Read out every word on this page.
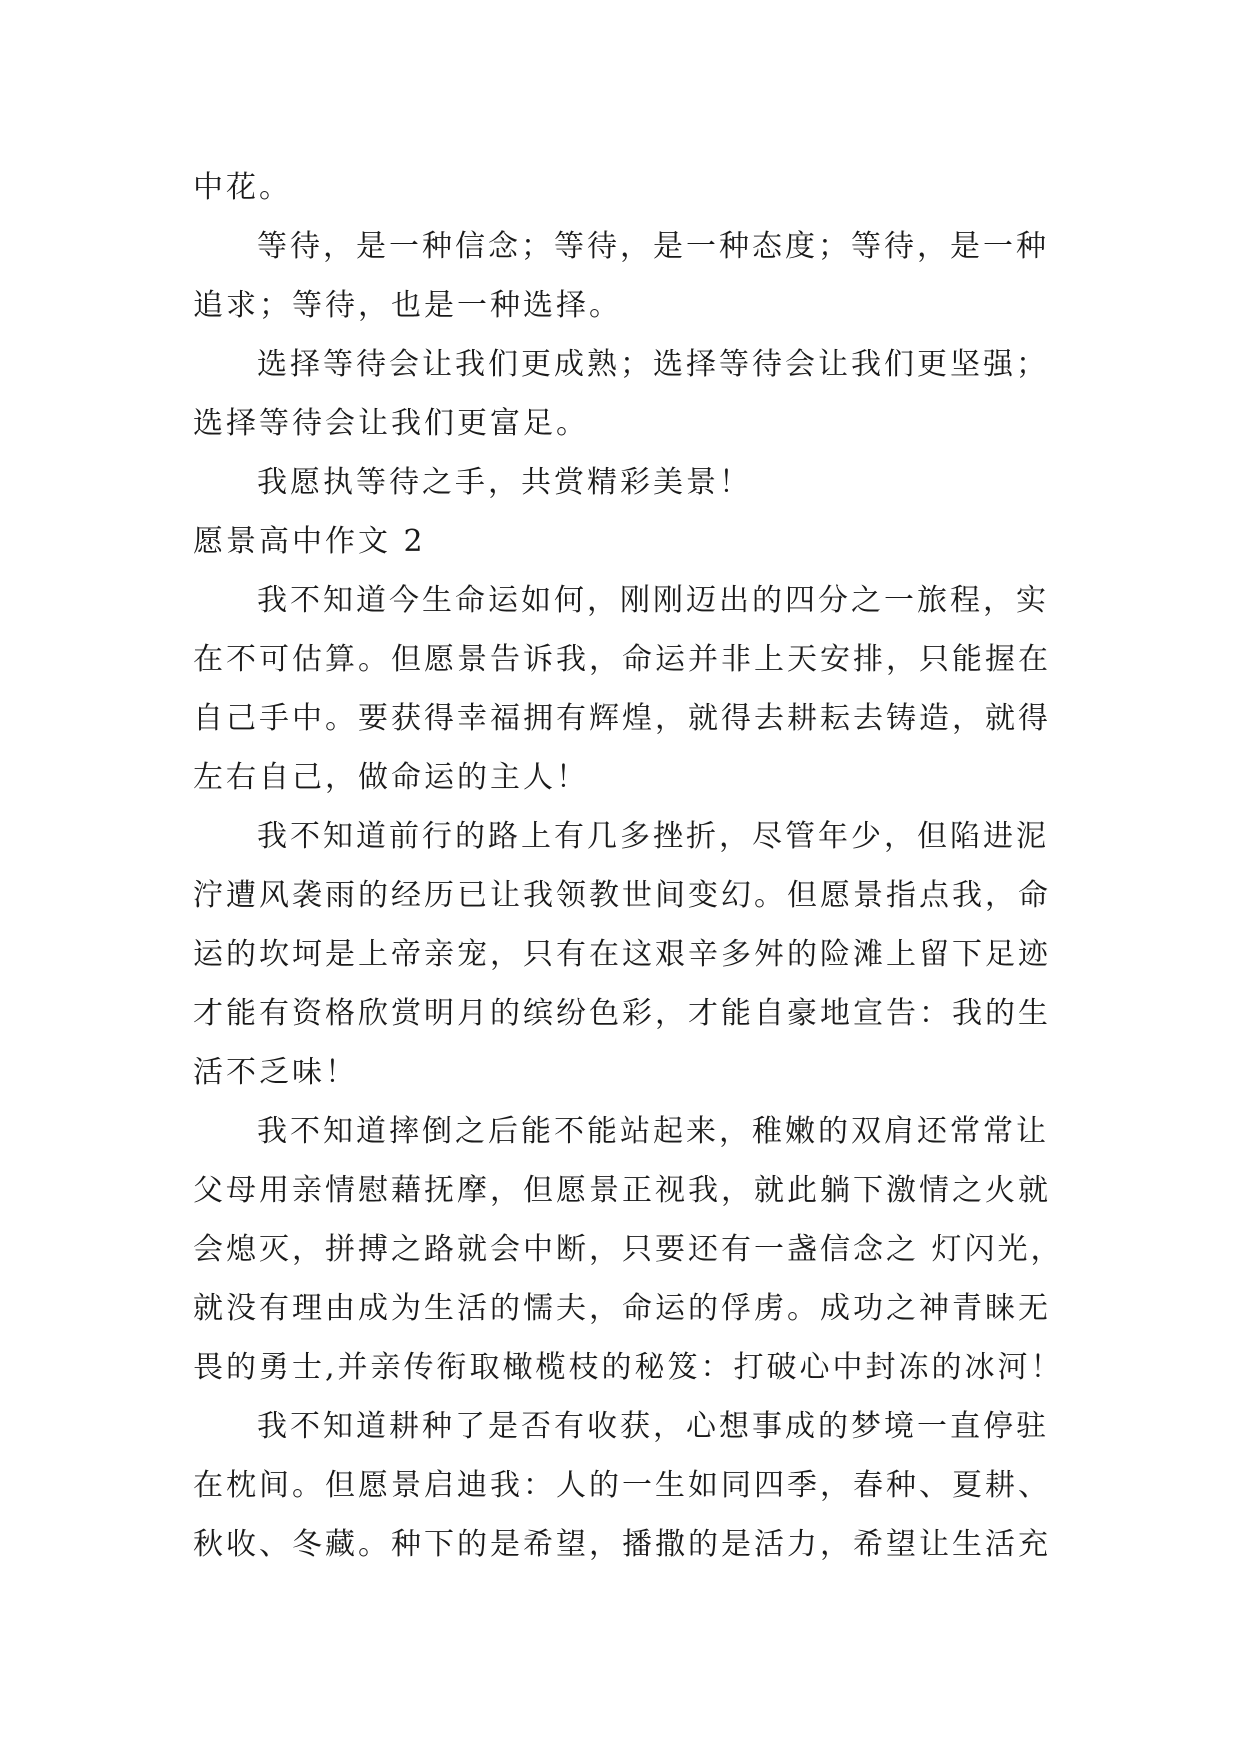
中花。
等待，是一种信念；等待，是一种态度；等待，是一种
追求；等待，也是一种选择。
选择等待会让我们更成熟；选择等待会让我们更坚强；
选择等待会让我们更富足。
我愿执等待之手，共赏精彩美景！
愿景高中作文 2
我不知道今生命运如何，刚刚迈出的四分之一旅程，实
在不可估算。但愿景告诉我，命运并非上天安排，只能握在
自己手中。要获得幸福拥有辉煌，就得去耕耘去铸造，就得
左右自己，做命运的主人！
我不知道前行的路上有几多挫折，尽管年少，但陷进泥
泞遭风袭雨的经历已让我领教世间变幻。但愿景指点我，命
运的坎坷是上帝亲宠，只有在这艰辛多舛的险滩上留下足迹
才能有资格欣赏明月的缤纷色彩，才能自豪地宣告：我的生
活不乏味！
我不知道摔倒之后能不能站起来，稚嫩的双肩还常常让
父母用亲情慰藉抚摩，但愿景正视我，就此躺下激情之火就
会熄灭，拼搏之路就会中断，只要还有一盏信念之 灯闪光，
就没有理由成为生活的懦夫，命运的俘虏。成功之神青睐无
畏的勇士,并亲传衔取橄榄枝的秘笈：打破心中封冻的冰河！
我不知道耕种了是否有收获，心想事成的梦境一直停驻
在枕间。但愿景启迪我：人的一生如同四季，春种、夏耕、
秋收、冬藏。种下的是希望，播撒的是活力，希望让生活充
